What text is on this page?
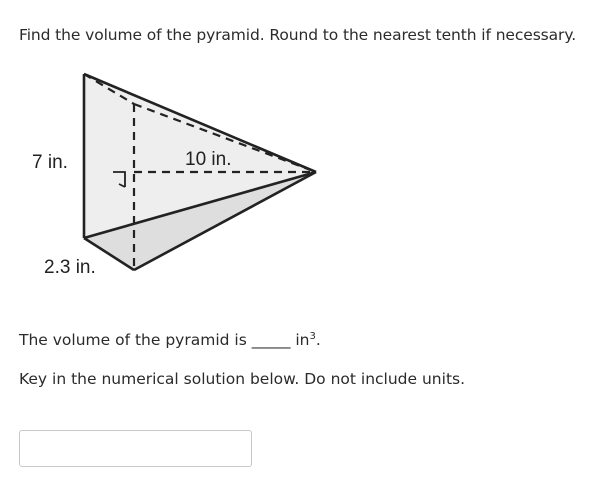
Find the volume of the pyramid. Round to the nearest tenth if necessary.
7 in.	10 in.
2.3 in.
The volume of the pyramid is _____ $in^3$.
Key in the numerical solution below. Do not include units.
